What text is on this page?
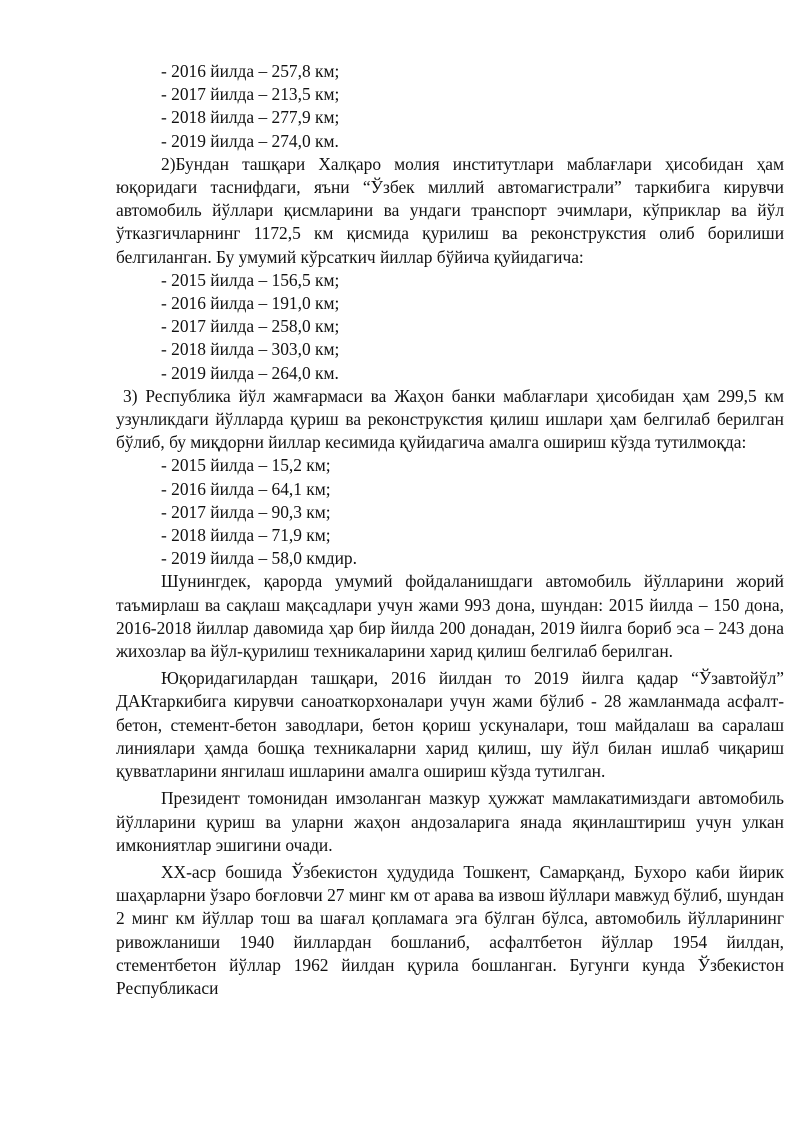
- 2016 йилда – 257,8 км;
- 2017 йилда – 213,5 км;
- 2018 йилда – 277,9 км;
- 2019 йилда – 274,0 км.

2)Бундан ташқари Халқаро молия институтлари маблағлари ҳисобидан ҳам юқоридаги таснифдаги, яъни “Ўзбек миллий автомагистрали” таркибига кирувчи автомобиль йўллари қисмларини ва ундаги транспорт эчимлари, кўприклар ва йўл ўтказгичларнинг 1172,5 км қисмида қурилиш ва реконструкстия олиб борилиши белгиланган. Бу умумий кўрсаткич йиллар бўйича қуйидагича:

- 2015 йилда – 156,5 км;
- 2016 йилда – 191,0 км;
- 2017 йилда – 258,0 км;
- 2018 йилда – 303,0 км;
- 2019 йилда – 264,0 км.

3) Республика йўл жамғармаси ва Жаҳон банки маблағлари ҳисобидан ҳам 299,5 км узунликдаги йўлларда қуриш ва реконструкстия қилиш ишлари ҳам белгилаб берилган бўлиб, бу миқдорни йиллар кесимида қуйидагича амалга ошириш кўзда тутилмоқда:

- 2015 йилда – 15,2 км;
- 2016 йилда – 64,1 км;
- 2017 йилда – 90,3 км;
- 2018 йилда – 71,9 км;
- 2019 йилда – 58,0 кмдир.

Шунингдек, қарорда умумий фойдаланишдаги автомобиль йўлларини жорий таъмирлаш ва сақлаш мақсадлари учун жами 993 дона, шундан: 2015 йилда – 150 дона, 2016-2018 йиллар давомида ҳар бир йилда 200 донадан, 2019 йилга бориб эса – 243 дона жихозлар ва йўл-қурилиш техникаларини харид қилиш белгилаб берилган.

Юқоридагилардан ташқари, 2016 йилдан то 2019 йилга қадар “Ўзавтойўл” ДАКтаркибига кирувчи саноаткорхоналари учун жами бўлиб - 28 жамланмада асфалт-бетон, стемент-бетон заводлари, бетон қориш ускуналари, тош майдалаш ва саралаш линиялари ҳамда бошқа техникаларни харид қилиш, шу йўл билан ишлаб чиқариш қувватларини янгилаш ишларини амалга ошириш кўзда тутилган.

Президент томонидан имзоланган мазкур ҳужжат мамлакатимиздаги автомобиль йўлларини қуриш ва уларни жаҳон андозаларига янада яқинлаштириш учун улкан имкониятлар эшигини очади.

XX-аср бошида Ўзбекистон ҳудудида Тошкент, Самарқанд, Бухоро каби йирик шаҳарларни ўзаро боғловчи 27 минг км от арава ва извош йўллари мавжуд бўлиб, шундан 2 минг км йўллар тош ва шағал қопламага эга бўлган бўлса, автомобиль йўлларининг ривожланиши 1940 йиллардан бошланиб, асфалтбетон йўллар 1954 йилдан, стементбетон йўллар 1962 йилдан қурила бошланган. Бугунги кунда Ўзбекистон Республикаси
